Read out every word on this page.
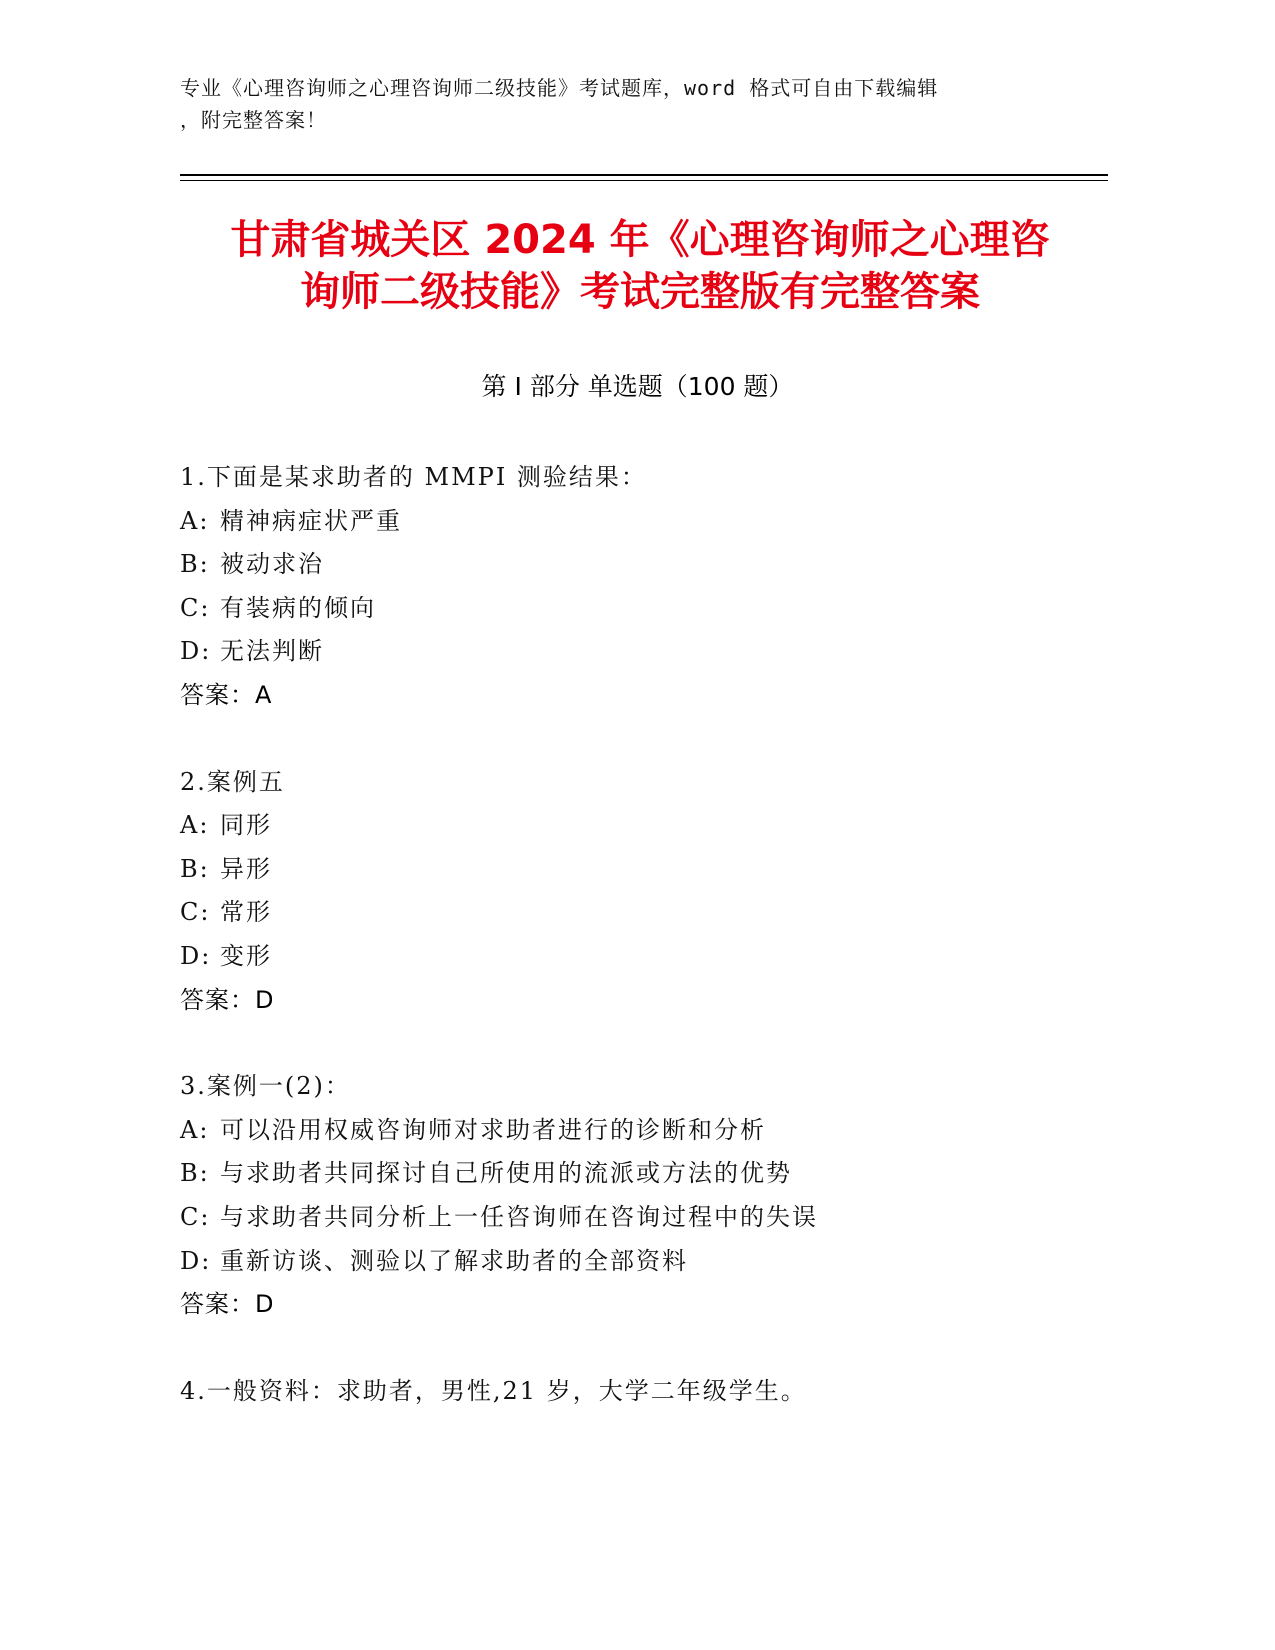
专业《心理咨询师之心理咨询师二级技能》考试题库，word 格式可自由下载编辑
，附完整答案！
甘肃省城关区 2024 年《心理咨询师之心理咨
询师二级技能》考试完整版有完整答案
第 I 部分 单选题（100 题）
1.下面是某求助者的 MMPI 测验结果：
A: 精神病症状严重
B: 被动求治
C: 有装病的倾向
D: 无法判断
答案：A
2.案例五
A: 同形
B: 异形
C: 常形
D: 变形
答案：D
3.案例一(2)：
A: 可以沿用权威咨询师对求助者进行的诊断和分析
B: 与求助者共同探讨自己所使用的流派或方法的优势
C: 与求助者共同分析上一任咨询师在咨询过程中的失误
D: 重新访谈、测验以了解求助者的全部资料
答案：D
4.一般资料：求助者，男性,21 岁，大学二年级学生。
